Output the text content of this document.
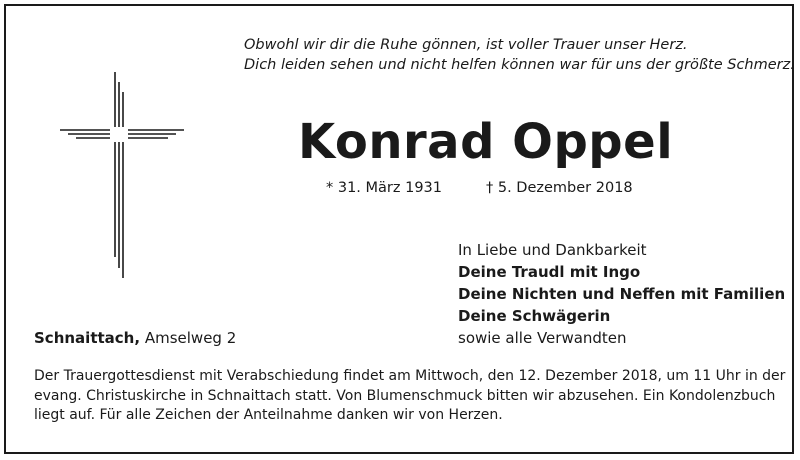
Obwohl wir dir die Ruhe gönnen, ist voller Trauer unser Herz.
Dich leiden sehen und nicht helfen können war für uns der größte Schmerz.
Konrad Oppel
* 31. März 1931	† 5. Dezember 2018
In Liebe und Dankbarkeit
Deine Traudl mit Ingo
Deine Nichten und Neffen mit Familien
Deine Schwägerin
sowie alle Verwandten
Schnaittach, Amselweg 2
Der Trauergottesdienst mit Verabschiedung findet am Mittwoch, den 12. Dezember 2018, um 11 Uhr in der
evang. Christuskirche in Schnaittach statt. Von Blumenschmuck bitten wir abzusehen. Ein Kondolenzbuch
liegt auf. Für alle Zeichen der Anteilnahme danken wir von Herzen.
